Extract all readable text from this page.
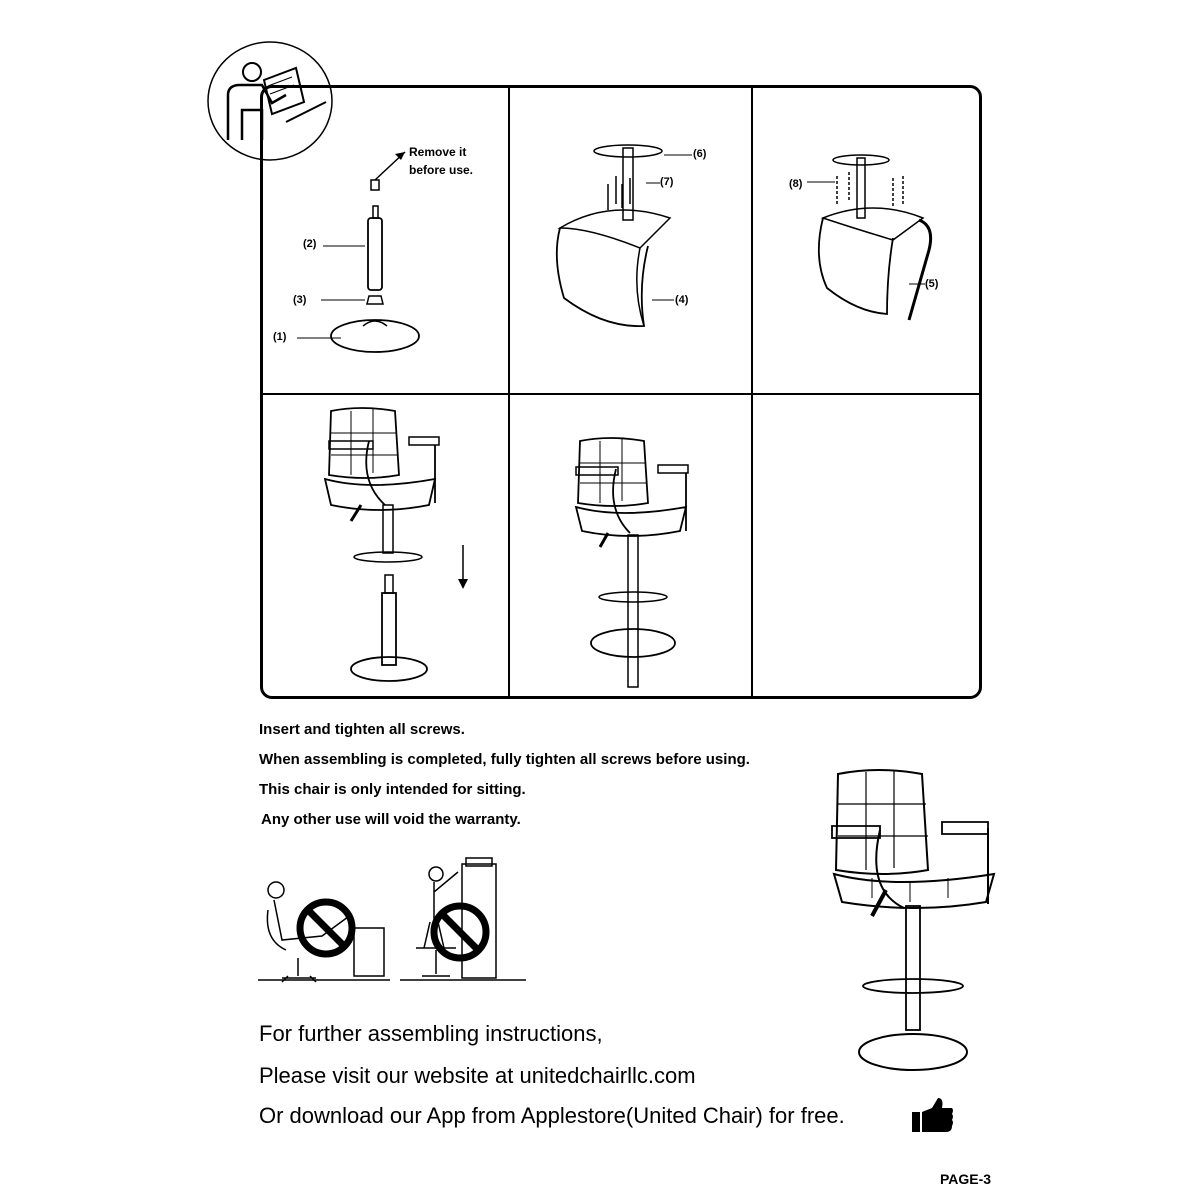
Remove it
before use.
(2)
(3)
(1)
(6)
(7)
(4)
(8)
(5)
Insert and tighten all screws.
When assembling is completed, fully tighten all screws before using.
This chair is only intended for sitting.
Any other use will void the warranty.
For further assembling instructions,
Please visit our website at unitedchairllc.com
Or download our App from Applestore(United Chair) for free.
PAGE-3
